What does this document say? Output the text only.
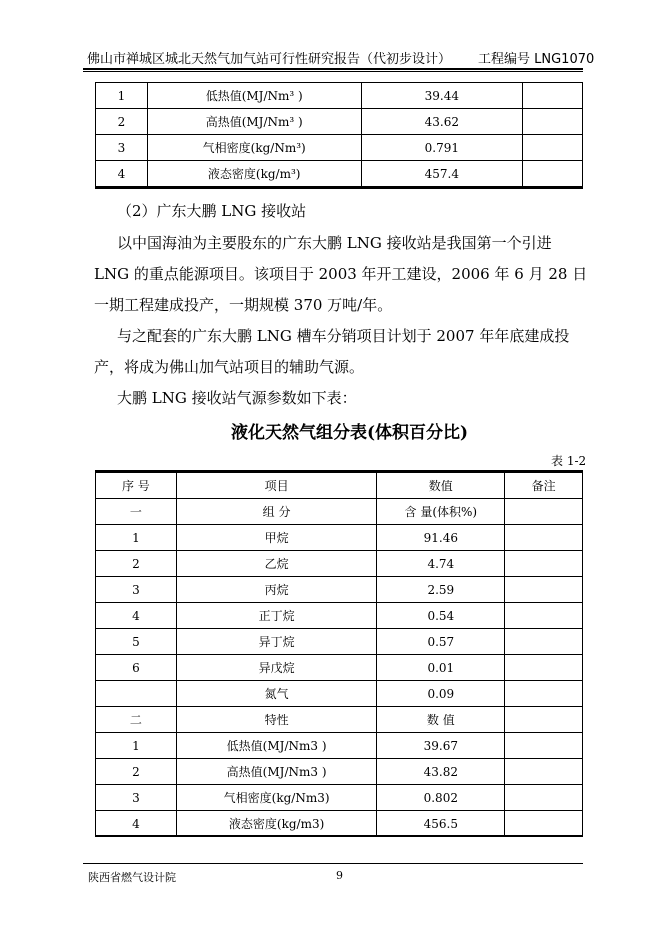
佛山市禅城区城北天然气加气站可行性研究报告（代初步设计） 工程编号 LNG1070
1	低热值(MJ/Nm³ )	39.44	
2	高热值(MJ/Nm³ )	43.62	
3	气相密度(kg/Nm³)	0.791	
4	液态密度(kg/m³)	457.4	
（2）广东大鹏 LNG 接收站
以中国海油为主要股东的广东大鹏 LNG 接收站是我国第一个引进
LNG 的重点能源项目。该项目于 2003 年开工建设，2006 年 6 月 28 日
一期工程建成投产，一期规模 370 万吨/年。
与之配套的广东大鹏 LNG 槽车分销项目计划于 2007 年年底建成投
产，将成为佛山加气站项目的辅助气源。
大鹏 LNG 接收站气源参数如下表：
液化天然气组分表(体积百分比)
表 1-2
序 号	项目	数值	备注
一	组 分	含 量(体积%)	
1	甲烷	91.46	
2	乙烷	4.74	
3	丙烷	2.59	
4	正丁烷	0.54	
5	异丁烷	0.57	
6	异戊烷	0.01	
	氮气	0.09	
二	特性	数 值	
1	低热值(MJ/Nm3 )	39.67	
2	高热值(MJ/Nm3 )	43.82	
3	气相密度(kg/Nm3)	0.802	
4	液态密度(kg/m3)	456.5	
陕西省燃气设计院	9
